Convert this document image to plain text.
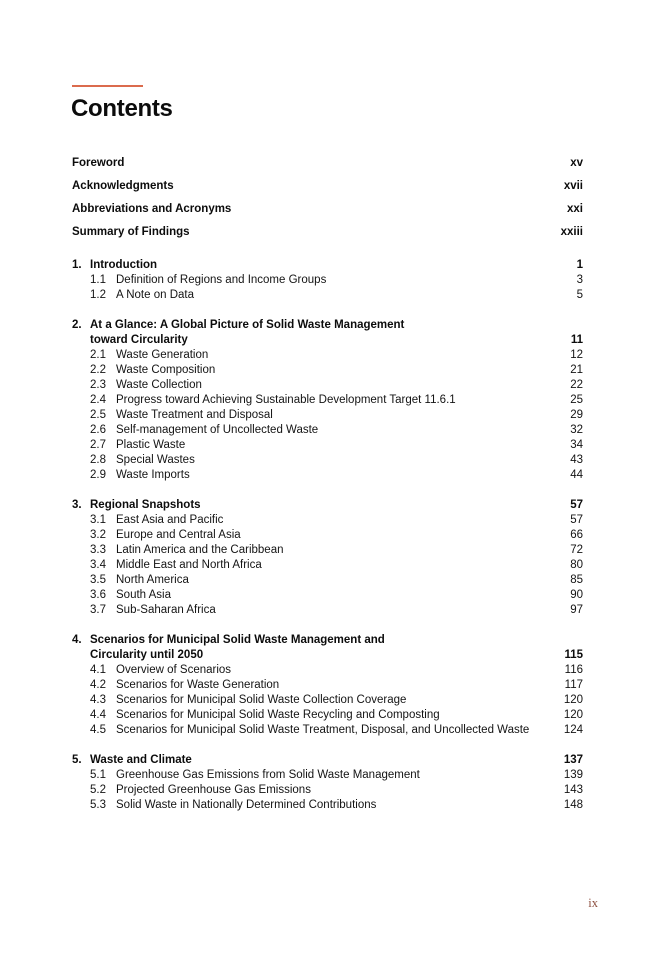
Contents
Foreword	xv
Acknowledgments	xvii
Abbreviations and Acronyms	xxi
Summary of Findings	xxiii
1. Introduction	1
1.1 Definition of Regions and Income Groups	3
1.2 A Note on Data	5
2. At a Glance: A Global Picture of Solid Waste Management
toward Circularity	11
2.1 Waste Generation	12
2.2 Waste Composition	21
2.3 Waste Collection	22
2.4 Progress toward Achieving Sustainable Development Target 11.6.1	25
2.5 Waste Treatment and Disposal	29
2.6 Self-management of Uncollected Waste	32
2.7 Plastic Waste	34
2.8 Special Wastes	43
2.9 Waste Imports	44
3. Regional Snapshots	57
3.1 East Asia and Pacific	57
3.2 Europe and Central Asia	66
3.3 Latin America and the Caribbean	72
3.4 Middle East and North Africa	80
3.5 North America	85
3.6 South Asia	90
3.7 Sub-Saharan Africa	97
4. Scenarios for Municipal Solid Waste Management and
Circularity until 2050	115
4.1 Overview of Scenarios	116
4.2 Scenarios for Waste Generation	117
4.3 Scenarios for Municipal Solid Waste Collection Coverage	120
4.4 Scenarios for Municipal Solid Waste Recycling and Composting	120
4.5 Scenarios for Municipal Solid Waste Treatment, Disposal, and Uncollected Waste	124
5. Waste and Climate	137
5.1 Greenhouse Gas Emissions from Solid Waste Management	139
5.2 Projected Greenhouse Gas Emissions	143
5.3 Solid Waste in Nationally Determined Contributions	148
ix
